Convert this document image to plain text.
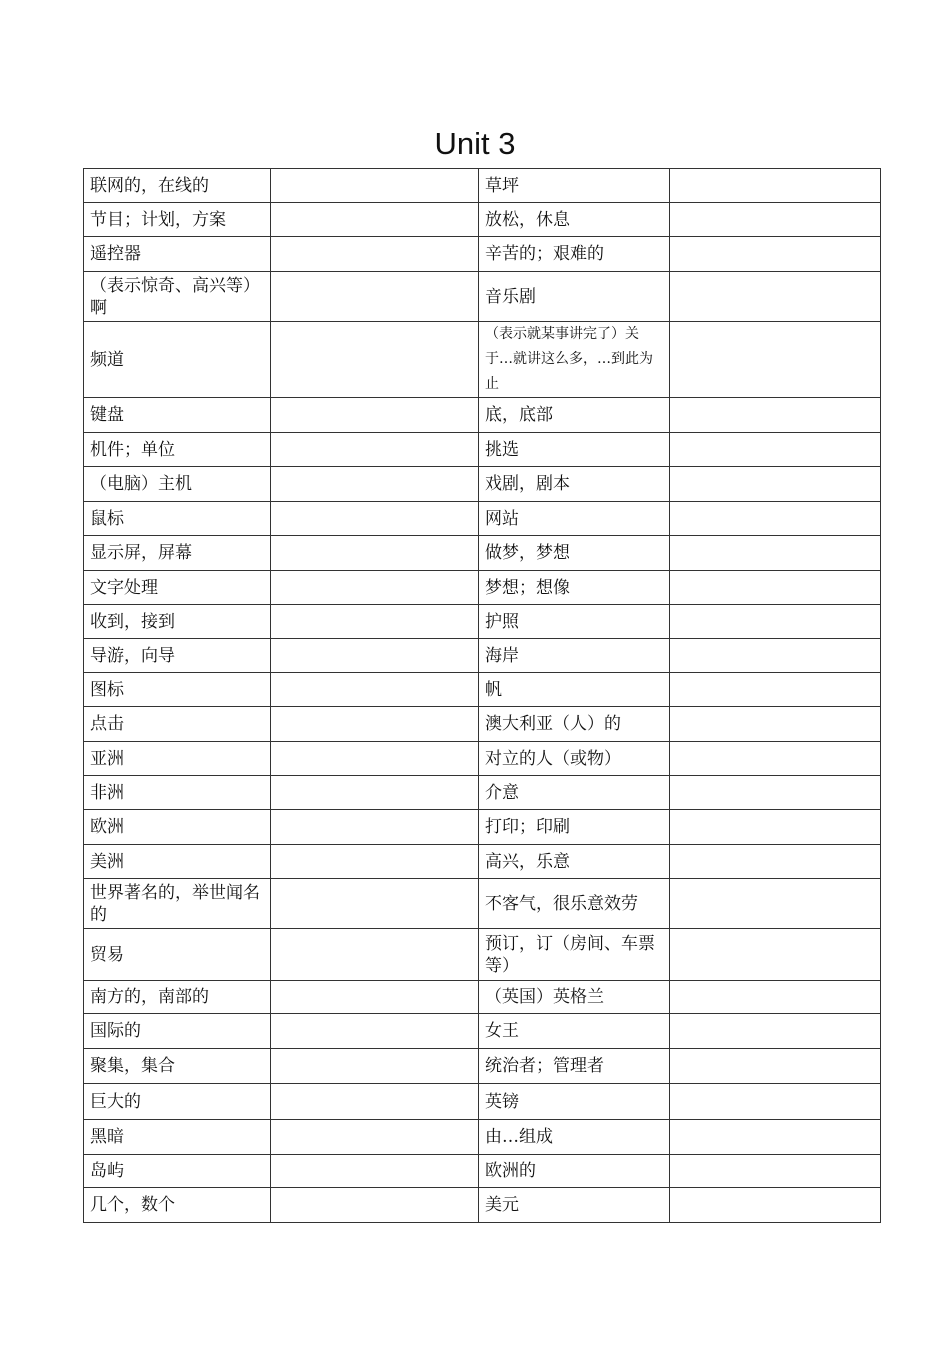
Unit 3
联网的，在线的		草坪	
节目；计划，方案		放松，休息	
遥控器		辛苦的；艰难的	
（表示惊奇、高兴等）啊		音乐剧	
频道		（表示就某事讲完了）关于…就讲这么多，…到此为止	
键盘		底，底部	
机件；单位		挑选	
（电脑）主机		戏剧，剧本	
鼠标		网站	
显示屏，屏幕		做梦，梦想	
文字处理		梦想；想像	
收到，接到		护照	
导游，向导		海岸	
图标		帆	
点击		澳大利亚（人）的	
亚洲		对立的人（或物）	
非洲		介意	
欧洲		打印；印刷	
美洲		高兴，乐意	
世界著名的，举世闻名的		不客气，很乐意效劳	
贸易		预订，订（房间、车票等）	
南方的，南部的		（英国）英格兰	
国际的		女王	
聚集，集合		统治者；管理者	
巨大的		英镑	
黑暗		由…组成	
岛屿		欧洲的	
几个，数个		美元	
